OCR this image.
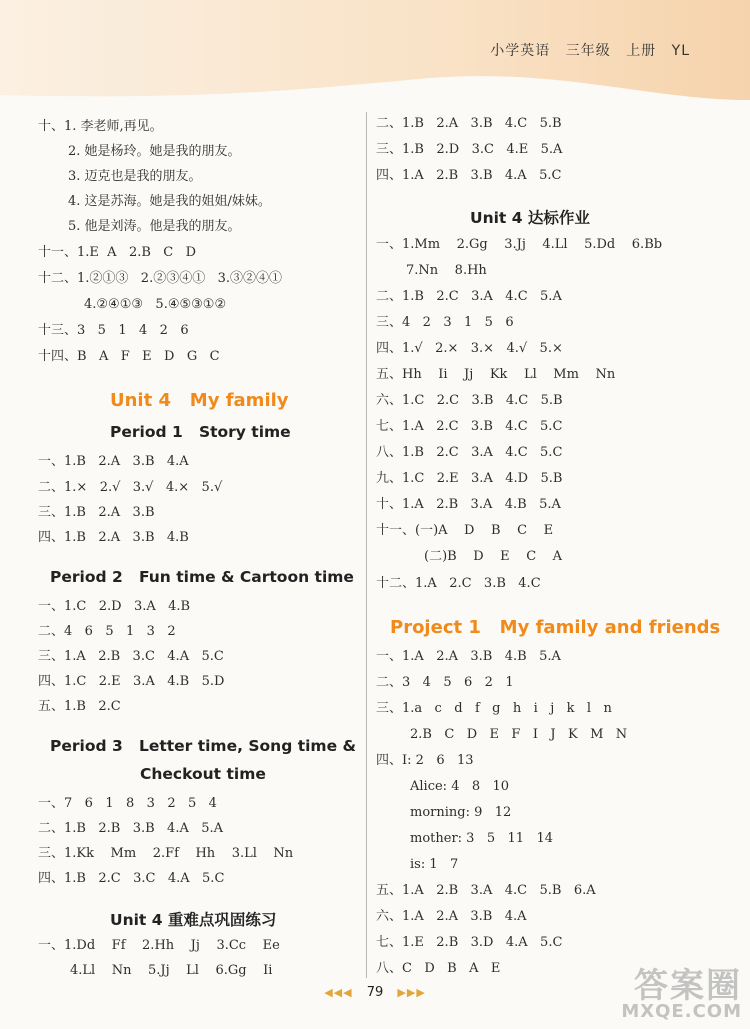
小学英语 三年级 上册 YL
十、1. 李老师,再见。
2. 她是杨玲。她是我的朋友。
3. 迈克也是我的朋友。
4. 这是苏海。她是我的姐姐/妹妹。
5. 他是刘涛。他是我的朋友。
十一、1.E  A   2.B   C   D
十二、1.②①③   2.②③④①   3.③②④①
4.②④①③   5.④⑤③①②
十三、3   5   1   4   2   6
十四、B   A   F   E   D   G   C
Unit 4   My family
Period 1   Story time
一、1.B   2.A   3.B   4.A
二、1.×   2.√   3.√   4.×   5.√
三、1.B   2.A   3.B
四、1.B   2.A   3.B   4.B
Period 2   Fun time & Cartoon time
一、1.C   2.D   3.A   4.B
二、4   6   5   1   3   2
三、1.A   2.B   3.C   4.A   5.C
四、1.C   2.E   3.A   4.B   5.D
五、1.B   2.C
Period 3   Letter time, Song time &
Checkout time
一、7   6   1   8   3   2   5   4
二、1.B   2.B   3.B   4.A   5.A
三、1.Kk    Mm    2.Ff    Hh    3.Ll    Nn
四、1.B   2.C   3.C   4.A   5.C
Unit 4 重难点巩固练习
一、1.Dd    Ff    2.Hh    Jj    3.Cc    Ee
4.Ll    Nn    5.Jj    Ll    6.Gg    Ii
二、1.B   2.A   3.B   4.C   5.B
三、1.B   2.D   3.C   4.E   5.A
四、1.A   2.B   3.B   4.A   5.C
Unit 4 达标作业
一、1.Mm    2.Gg    3.Jj    4.Ll    5.Dd    6.Bb
7.Nn    8.Hh
二、1.B   2.C   3.A   4.C   5.A
三、4   2   3   1   5   6
四、1.√   2.×   3.×   4.√   5.×
五、Hh    Ii    Jj    Kk    Ll    Mm    Nn
六、1.C   2.C   3.B   4.C   5.B
七、1.A   2.C   3.B   4.C   5.C
八、1.B   2.C   3.A   4.C   5.C
九、1.C   2.E   3.A   4.D   5.B
十、1.A   2.B   3.A   4.B   5.A
十一、(一)A    D    B    C    E
(二)B    D    E    C    A
十二、1.A   2.C   3.B   4.C
Project 1   My family and friends
一、1.A   2.A   3.B   4.B   5.A
二、3   4   5   6   2   1
三、1.a   c   d   f   g   h   i   j   k   l   n
2.B   C   D   E   F   I   J   K   M   N
四、I: 2   6   13
Alice: 4   8   10
morning: 9   12
mother: 3   5   11   14
is: 1   7
五、1.A   2.B   3.A   4.C   5.B   6.A
六、1.A   2.A   3.B   4.A
七、1.E   2.B   3.D   4.A   5.C
八、C   D   B   A   E
◀◀◀ 79 ▶▶▶	答案圈
MXQE.COM
